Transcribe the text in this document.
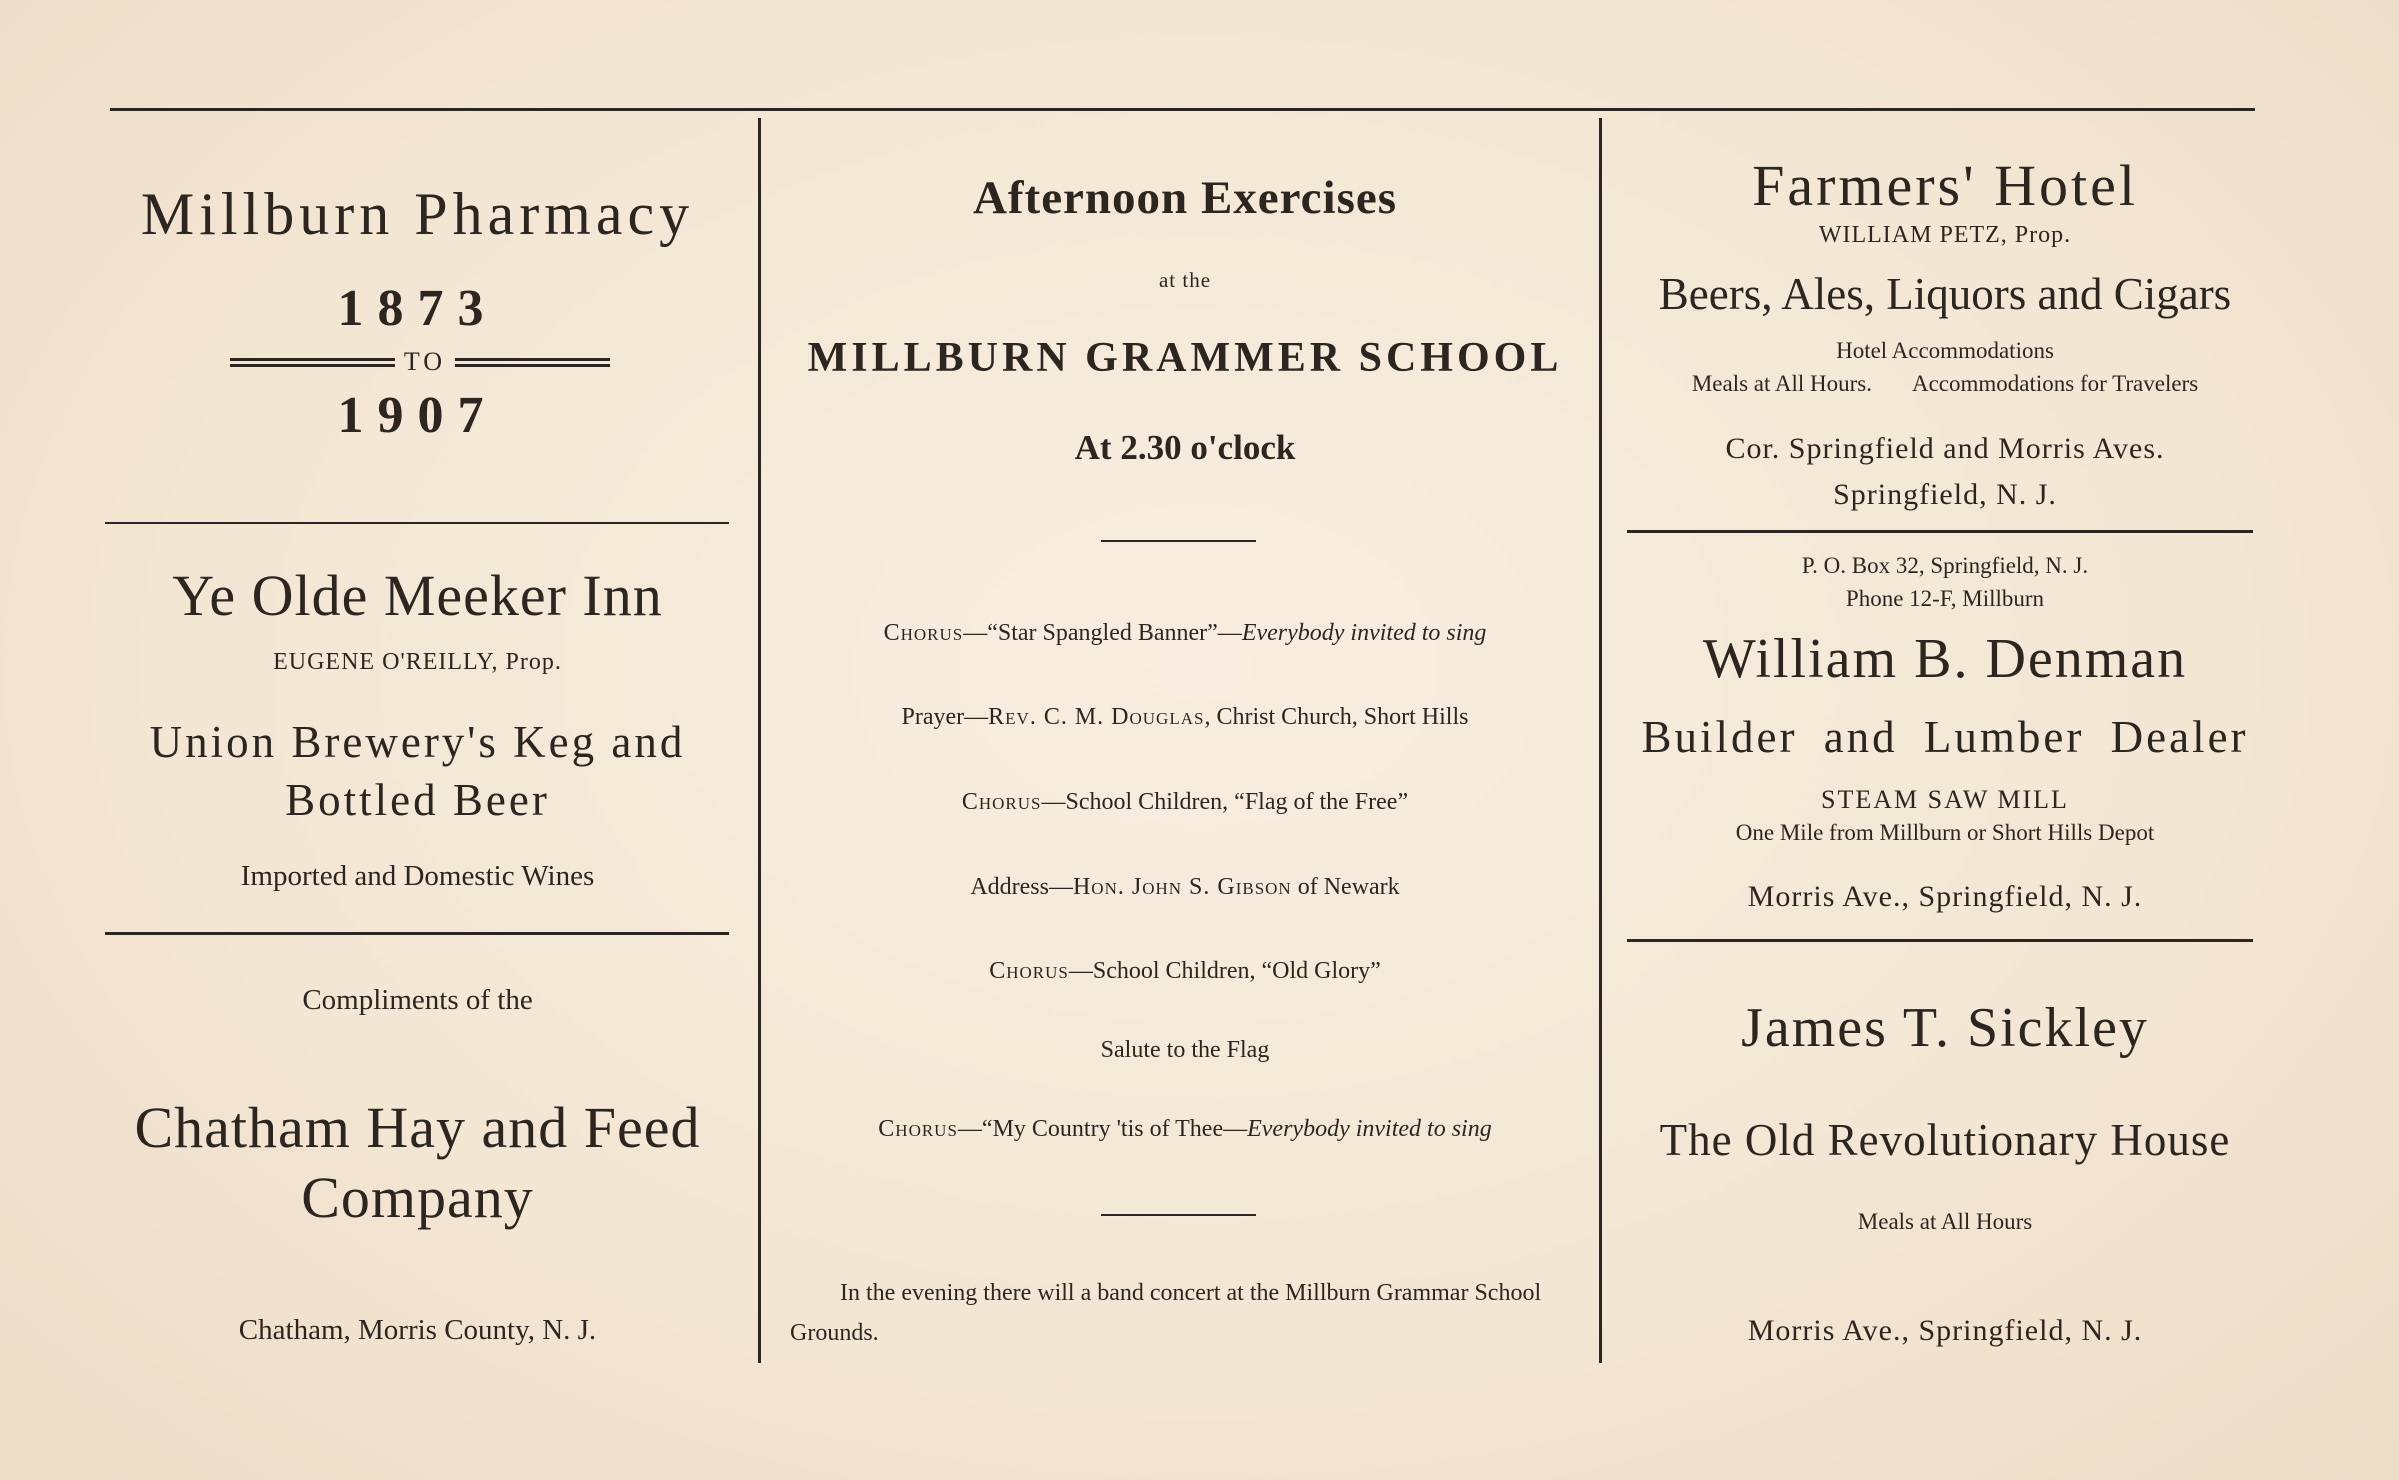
Millburn Pharmacy
1873
TO
1907
Ye Olde Meeker Inn
EUGENE O'REILLY, Prop.
Union Brewery's Keg and Bottled Beer
Imported and Domestic Wines
Compliments of the
Chatham Hay and Feed Company
Chatham, Morris County, N. J.
Afternoon Exercises
at the
MILLBURN GRAMMER SCHOOL
At 2.30 o'clock
Chorus—“Star Spangled Banner”—Everybody invited to sing
Prayer—Rev. C. M. Douglas, Christ Church, Short Hills
Chorus—School Children, “Flag of the Free”
Address—Hon. John S. Gibson of Newark
Chorus—School Children, “Old Glory”
Salute to the Flag
Chorus—“My Country 'tis of Thee—Everybody invited to sing
In the evening there will a band concert at the Millburn Grammar School Grounds.
Farmers' Hotel
WILLIAM PETZ, Prop.
Beers, Ales, Liquors and Cigars
Hotel Accommodations
Meals at All Hours. Accommodations for Travelers
Cor. Springfield and Morris Aves.
Springfield, N. J.
P. O. Box 32, Springfield, N. J.
Phone 12-F, Millburn
William B. Denman
Builder and Lumber Dealer
STEAM SAW MILL
One Mile from Millburn or Short Hills Depot
Morris Ave., Springfield, N. J.
James T. Sickley
The Old Revolutionary House
Meals at All Hours
Morris Ave., Springfield, N. J.
